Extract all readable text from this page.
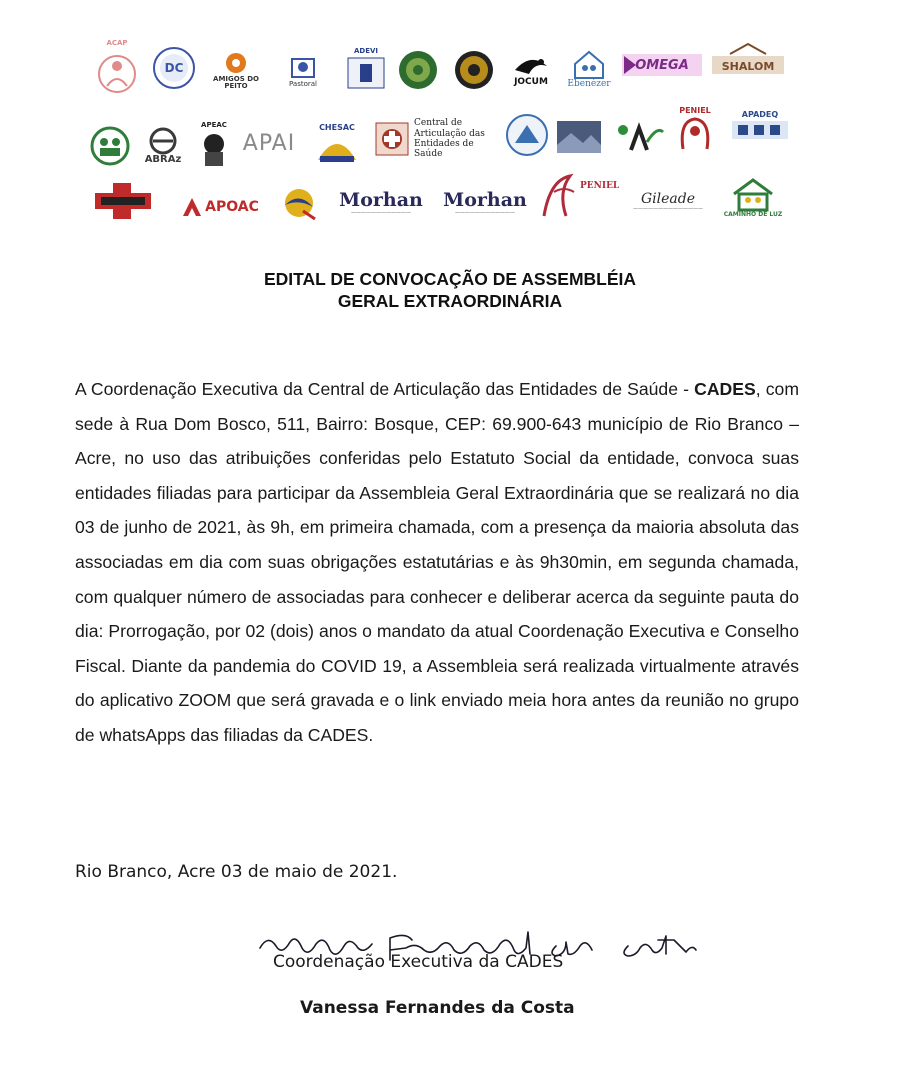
ACAP
DC
AMIGOS DO PEITO	Pastoral
ADEVI
JOCUM Ebenézer
OMEGA	SHALOM
ABRAz
APEAC
APAI
CHESAC	Central de Articulação das Entidades de Saúde
PENIEL	APADEQ
APOAC	Morhan
————————————
Morhan
————————————
PENIEL
Gileade
——————————————
CAMINHO DE LUZ
EDITAL DE CONVOCAÇÃO DE ASSEMBLÉIA
GERAL EXTRAORDINÁRIA
A Coordenação Executiva da Central de Articulação das Entidades de Saúde - CADES, com sede à Rua Dom Bosco, 511, Bairro: Bosque, CEP: 69.900-643 município de Rio Branco – Acre, no uso das atribuições conferidas pelo Estatuto Social da entidade, convoca suas entidades filiadas para participar da Assembleia Geral Extraordinária que se realizará no dia 03 de junho de 2021, às 9h, em primeira chamada, com a presença da maioria absoluta das associadas em dia com suas obrigações estatutárias e às 9h30min, em segunda chamada, com qualquer número de associadas para conhecer e deliberar acerca da seguinte pauta do dia: Prorrogação, por 02 (dois) anos o mandato da atual Coordenação Executiva e Conselho Fiscal. Diante da pandemia do COVID 19, a Assembleia será realizada virtualmente através do aplicativo ZOOM que será gravada e o link enviado meia hora antes da reunião no grupo de whatsApps das filiadas da CADES.
Rio Branco, Acre 03 de maio de 2021.
Coordenação Executiva da CADES
Vanessa Fernandes da Costa
